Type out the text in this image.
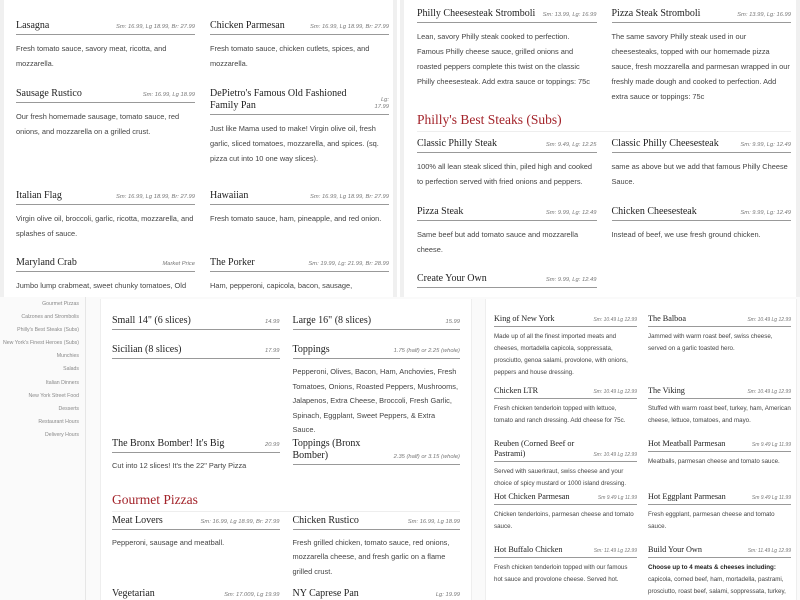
Lasagna	Sm: 16.99, Lg 18.99, Br: 27.99
Fresh tomato sauce, savory meat, ricotta, and mozzarella.
Chicken Parmesan	Sm: 16.99, Lg 18.99, Br: 27.99
Fresh tomato sauce, chicken cutlets, spices, and mozzarella.
Sausage Rustico	Sm: 16.99, Lg 18.99
Our fresh homemade sausage, tomato sauce, red onions, and mozzarella on a grilled crust.
DePietro's Famous Old Fashioned Family Pan
Lg: 17.99
Just like Mama used to make! Virgin olive oil, fresh garlic, sliced tomatoes, mozzarella, and spices. (sq. pizza cut into 10 one way slices).
Italian Flag	Sm: 16.99, Lg 18.99, Br: 27.99
Virgin olive oil, broccoli, garlic, ricotta, mozzarella, and splashes of sauce.
Hawaiian	Sm: 16.99, Lg 18.99, Br: 27.99
Fresh tomato sauce, ham, pineapple, and red onion.
Maryland Crab	Market Price
Jumbo lump crabmeat, sweet chunky tomatoes, Old
The Porker	Sm: 19.99, Lg: 21.99, Br: 28.99
Ham, pepperoni, capicola, bacon, sausage,
Philly Cheesesteak Stromboli	Sm: 13.99, Lg: 16.99
Lean, savory Philly steak cooked to perfection. Famous Philly cheese sauce, grilled onions and roasted peppers complete this twist on the classic Philly cheesesteak. Add extra sauce or toppings: 75c
Pizza Steak Stromboli	Sm: 13.99, Lg: 16.99
The same savory Philly steak used in our cheesesteaks, topped with our homemade pizza sauce, fresh mozzarella and parmesan wrapped in our freshly made dough and cooked to perfection. Add extra sauce or toppings: 75c
Philly's Best Steaks (Subs)
Classic Philly Steak	Sm: 9.49, Lg: 12.25
100% all lean steak sliced thin, piled high and cooked to perfection served with fried onions and peppers.
Classic Philly Cheesesteak	Sm: 9.99, Lg: 12.49
same as above but we add that famous Philly Cheese Sauce.
Pizza Steak	Sm: 9.99, Lg: 12.49
Same beef but add tomato sauce and mozzarella cheese.
Chicken Cheesesteak	Sm: 9.99, Lg: 12.49
Instead of beef, we use fresh ground chicken.
Create Your Own	Sm: 9.99, Lg: 12.49
Gourmet Pizzas
Calzones and Strombolis
Philly's Best Steaks (Subs)
New York's Finest Heroes (Subs)
Munchies
Salads
Italian Dinners
New York Street Food
Desserts
Restaurant Hours
Delivery Hours
Small 14" (6 slices)	14.99 Large 16" (8 slices)	15.99
Sicilian (8 slices)	17.99 Toppings	1.75 (half) or 2.25 (whole)
Pepperoni, Olives, Bacon, Ham, Anchovies, Fresh Tomatoes, Onions, Roasted Peppers, Mushrooms, Jalapenos, Extra Cheese, Broccoli, Fresh Garlic, Spinach, Eggplant, Sweet Peppers, & Extra Sauce.
The Bronx Bomber! It's Big	20.99
Cut into 12 slices! It's the 22" Party Pizza
Toppings (Bronx Bomber)	2.35 (half) or 3.15 (whole)
Gourmet Pizzas
Meat Lovers	Sm: 16.99, Lg 18.99, Br: 27.99
Pepperoni, sausage and meatball.
Chicken Rustico	Sm: 16.99, Lg 18.99
Fresh grilled chicken, tomato sauce, red onions, mozzarella cheese, and fresh garlic on a flame grilled crust.
Vegetarian	Sm: 17.009, Lg 19.99 NY Caprese Pan	Lg: 19.99
King of New York	Sm: 10.49 Lg 12.99
Made up of all the finest imported meats and cheeses, mortadella capicola, soppressata, prosciutto, genoa salami, provolone, with onions, peppers and house dressing.
The Balboa	Sm: 10.49 Lg 12.99
Jammed with warm roast beef, swiss cheese, served on a garlic toasted hero.
Chicken LTR	Sm: 10.49 Lg 12.99
Fresh chicken tenderloin topped with lettuce, tomato and ranch dressing. Add cheese for 75c.
The Viking	Sm: 10.49 Lg 12.99
Stuffed with warm roast beef, turkey, ham, American cheese, lettuce, tomatoes, and mayo.
Reuben (Corned Beef or Pastrami)	Sm: 10.49 Lg 12.99
Served with sauerkraut, swiss cheese and your choice of spicy mustard or 1000 island dressing.
Hot Meatball Parmesan	Sm 9.49 Lg 11.99
Meatballs, parmesan cheese and tomato sauce.
Hot Chicken Parmesan	Sm 9.49 Lg 11.99
Chicken tenderloins, parmesan cheese and tomato sauce.
Hot Eggplant Parmesan	Sm 9.49 Lg 11.99
Fresh eggplant, parmesan cheese and tomato sauce.
Hot Buffalo Chicken	Sm: 11.49 Lg 12.99
Fresh chicken tenderloin topped with our famous hot sauce and provolone cheese. Served hot.
Build Your Own	Sm: 11.49 Lg 12.99
Choose up to 4 meats & cheeses including: capicola, corned beef, ham, mortadella, pastrami, prosciutto, roast beef, salami, soppressata, turkey,
